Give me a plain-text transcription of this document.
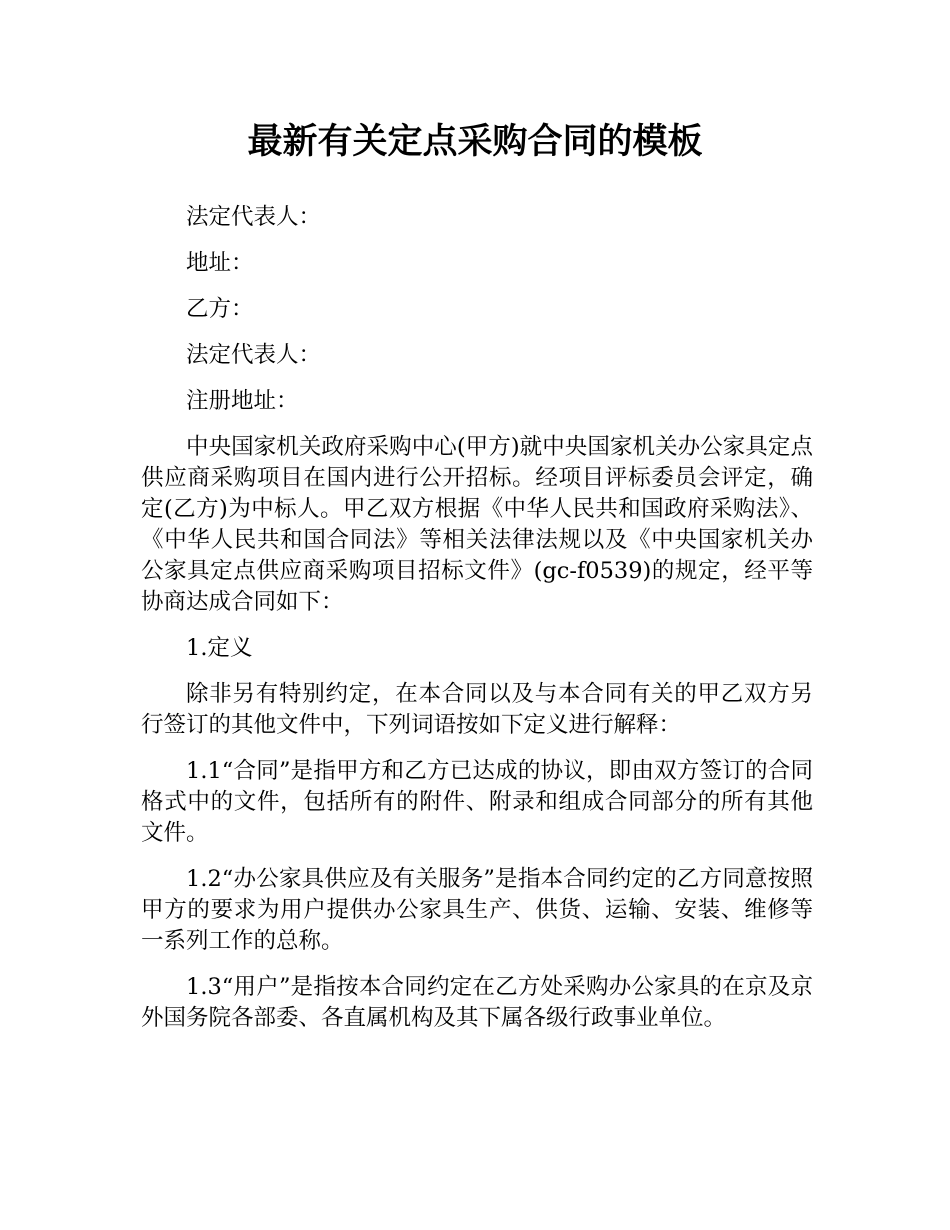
最新有关定点采购合同的模板

法定代表人：

地址：

乙方：

法定代表人：

注册地址：

中央国家机关政府采购中心(甲方)就中央国家机关办公家具定点供应商采购项目在国内进行公开招标。经项目评标委员会评定，确定(乙方)为中标人。甲乙双方根据《中华人民共和国政府采购法》、《中华人民共和国合同法》等相关法律法规以及《中央国家机关办公家具定点供应商采购项目招标文件》(gc-f0539)的规定，经平等协商达成合同如下：

1.定义

除非另有特别约定，在本合同以及与本合同有关的甲乙双方另行签订的其他文件中，下列词语按如下定义进行解释：

1.1“合同”是指甲方和乙方已达成的协议，即由双方签订的合同格式中的文件，包括所有的附件、附录和组成合同部分的所有其他文件。

1.2“办公家具供应及有关服务”是指本合同约定的乙方同意按照甲方的要求为用户提供办公家具生产、供货、运输、安装、维修等一系列工作的总称。

1.3“用户”是指按本合同约定在乙方处采购办公家具的在京及京外国务院各部委、各直属机构及其下属各级行政事业单位。
